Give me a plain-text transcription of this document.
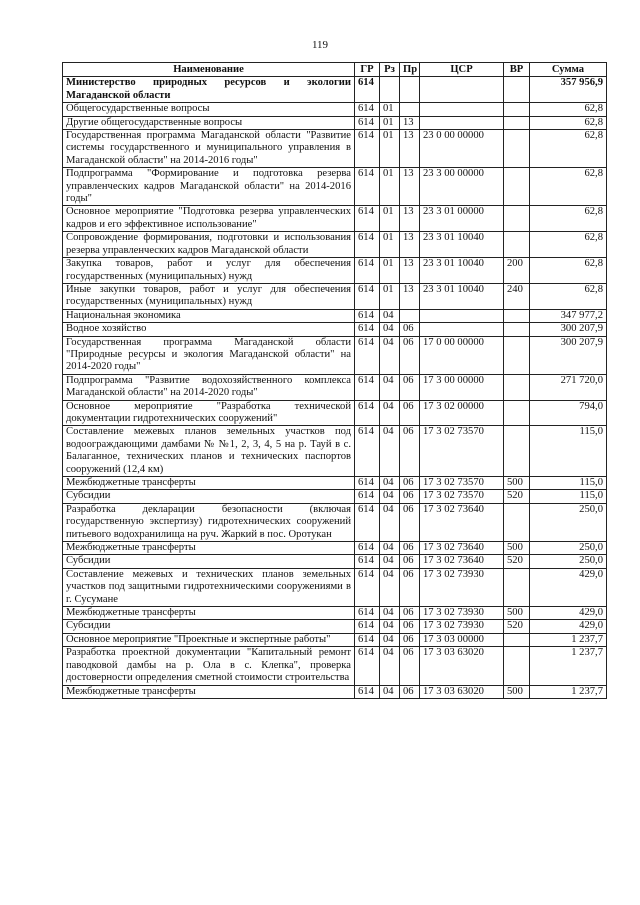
119
Наименование	ГР	Рз	Пр	ЦСР	ВР	Сумма
Министерство природных ресурсов и экологии Магаданской области	614					357 956,9
Общегосударственные вопросы	614	01				62,8
Другие общегосударственные вопросы	614	01	13			62,8
Государственная программа Магаданской области "Развитие системы государственного и муниципального управления в Магаданской области" на 2014-2016 годы"	614	01	13	23 0 00 00000		62,8
Подпрограмма "Формирование и подготовка резерва управленческих кадров Магаданской области" на 2014-2016 годы"	614	01	13	23 3 00 00000		62,8
Основное мероприятие "Подготовка резерва управленческих кадров и его эффективное использование"	614	01	13	23 3 01 00000		62,8
Сопровождение формирования, подготовки и использования резерва управленческих кадров Магаданской области	614	01	13	23 3 01 10040		62,8
Закупка товаров, работ и услуг для обеспечения государственных (муниципальных) нужд	614	01	13	23 3 01 10040	200	62,8
Иные закупки товаров, работ и услуг для обеспечения государственных (муниципальных) нужд	614	01	13	23 3 01 10040	240	62,8
Национальная экономика	614	04				347 977,2
Водное хозяйство	614	04	06			300 207,9
Государственная программа Магаданской области "Природные ресурсы и экология Магаданской области" на 2014-2020 годы"	614	04	06	17 0 00 00000		300 207,9
Подпрограмма "Развитие водохозяйственного комплекса Магаданской области" на 2014-2020 годы"	614	04	06	17 3 00 00000		271 720,0
Основное мероприятие "Разработка технической документации гидротехнических сооружений"	614	04	06	17 3 02 00000		794,0
Составление межевых планов земельных участков под водоограждающими дамбами № №1, 2, 3, 4, 5 на р. Тауй в с. Балаганное, технических планов и технических паспортов сооружений (12,4 км)	614	04	06	17 3 02 73570		115,0
Межбюджетные трансферты	614	04	06	17 3 02 73570	500	115,0
Субсидии	614	04	06	17 3 02 73570	520	115,0
Разработка декларации безопасности (включая государственную экспертизу) гидротехнических сооружений питьевого водохранилища на руч. Жаркий в пос. Оротукан	614	04	06	17 3 02 73640		250,0
Межбюджетные трансферты	614	04	06	17 3 02 73640	500	250,0
Субсидии	614	04	06	17 3 02 73640	520	250,0
Составление межевых и технических планов земельных участков под защитными гидротехническими сооружениями в г. Сусумане	614	04	06	17 3 02 73930		429,0
Межбюджетные трансферты	614	04	06	17 3 02 73930	500	429,0
Субсидии	614	04	06	17 3 02 73930	520	429,0
Основное мероприятие "Проектные и экспертные работы"	614	04	06	17 3 03 00000		1 237,7
Разработка проектной документации "Капитальный ремонт паводковой дамбы на р. Ола в с. Клепка", проверка достоверности определения сметной стоимости строительства	614	04	06	17 3 03 63020		1 237,7
Межбюджетные трансферты	614	04	06	17 3 03 63020	500	1 237,7
